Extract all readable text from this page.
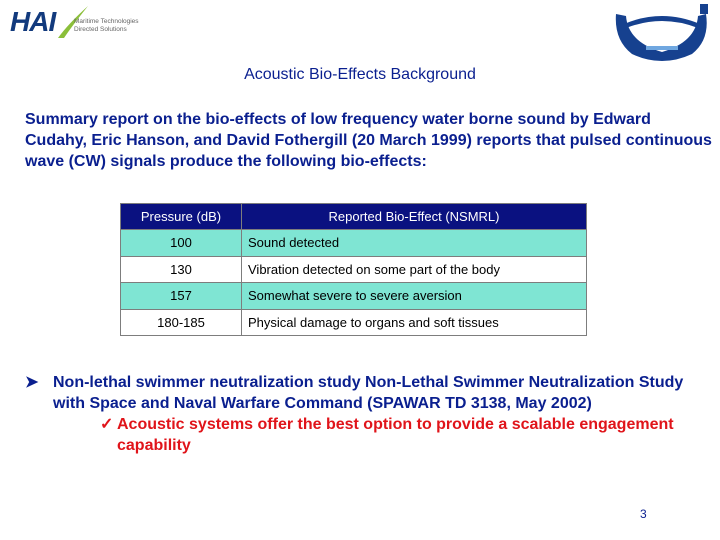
HAI	Maritime Technologies
Directed Solutions	MNS
MARINE
Acoustic Bio-Effects Background
Summary report on the bio-effects of low frequency water borne sound by Edward Cudahy, Eric Hanson, and David Fothergill (20 March 1999) reports that pulsed continuous wave (CW) signals produce the following bio-effects:
Pressure (dB)	Reported Bio-Effect (NSMRL)
100	Sound detected
130	Vibration detected on some part of the body
157	Somewhat severe to severe aversion
180-185	Physical damage to organs and soft tissues
➤ Non-lethal swimmer neutralization study Non-Lethal Swimmer Neutralization Study with Space and Naval Warfare Command (SPAWAR TD 3138, May 2002)
✓ Acoustic systems offer the best option to provide a scalable engagement capability
3
